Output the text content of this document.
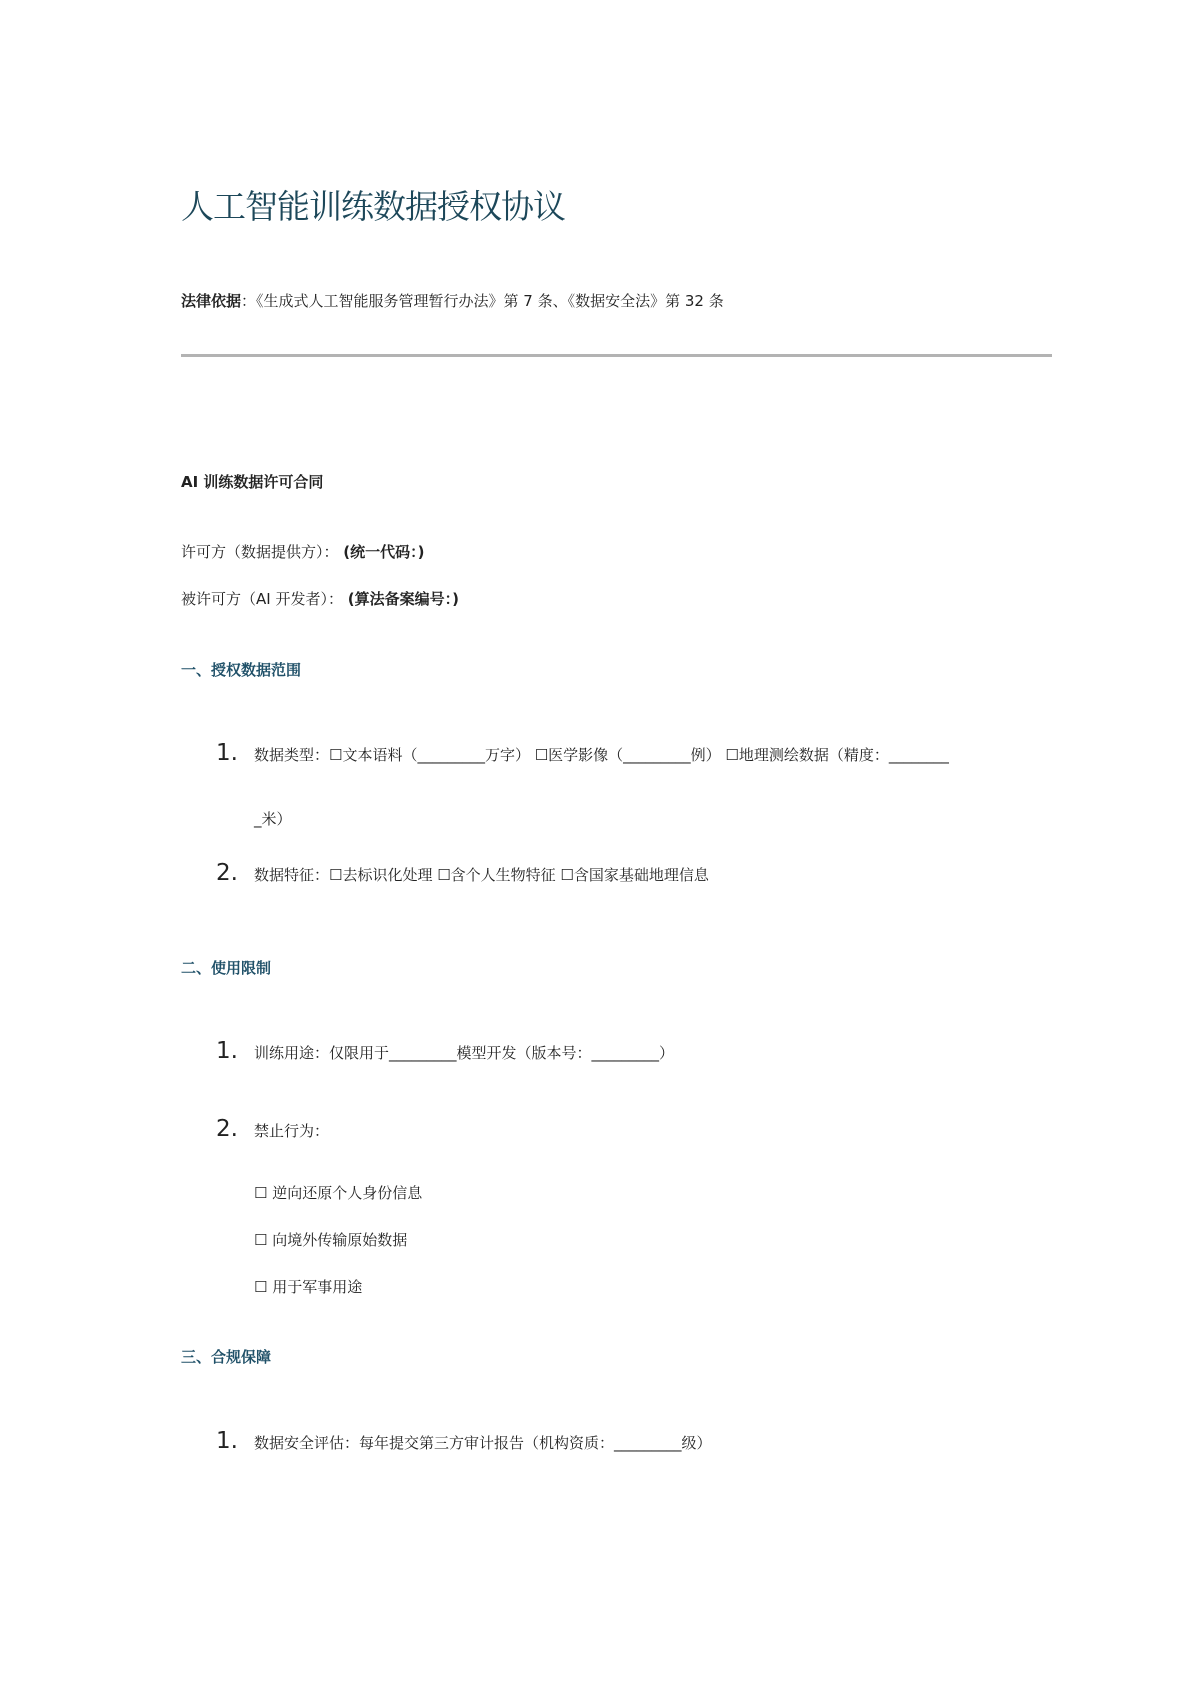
人工智能训练数据授权协议
法律依据：《生成式人工智能服务管理暂行办法》第 7 条、《数据安全法》第 32 条
AI 训练数据许可合同
许可方（数据提供方）： (统一代码：)
被许可方（AI 开发者）： (算法备案编号：)
一、授权数据范围
1. 数据类型：☐文本语料（_________万字） ☐医学影像（_________例） ☐地理测绘数据（精度：________
_米）
2. 数据特征：☐去标识化处理 ☐含个人生物特征 ☐含国家基础地理信息
二、使用限制
1. 训练用途：仅限用于_________模型开发（版本号：_________）
2. 禁止行为：
☐ 逆向还原个人身份信息
☐ 向境外传输原始数据
☐ 用于军事用途
三、合规保障
1. 数据安全评估：每年提交第三方审计报告（机构资质：_________级）
